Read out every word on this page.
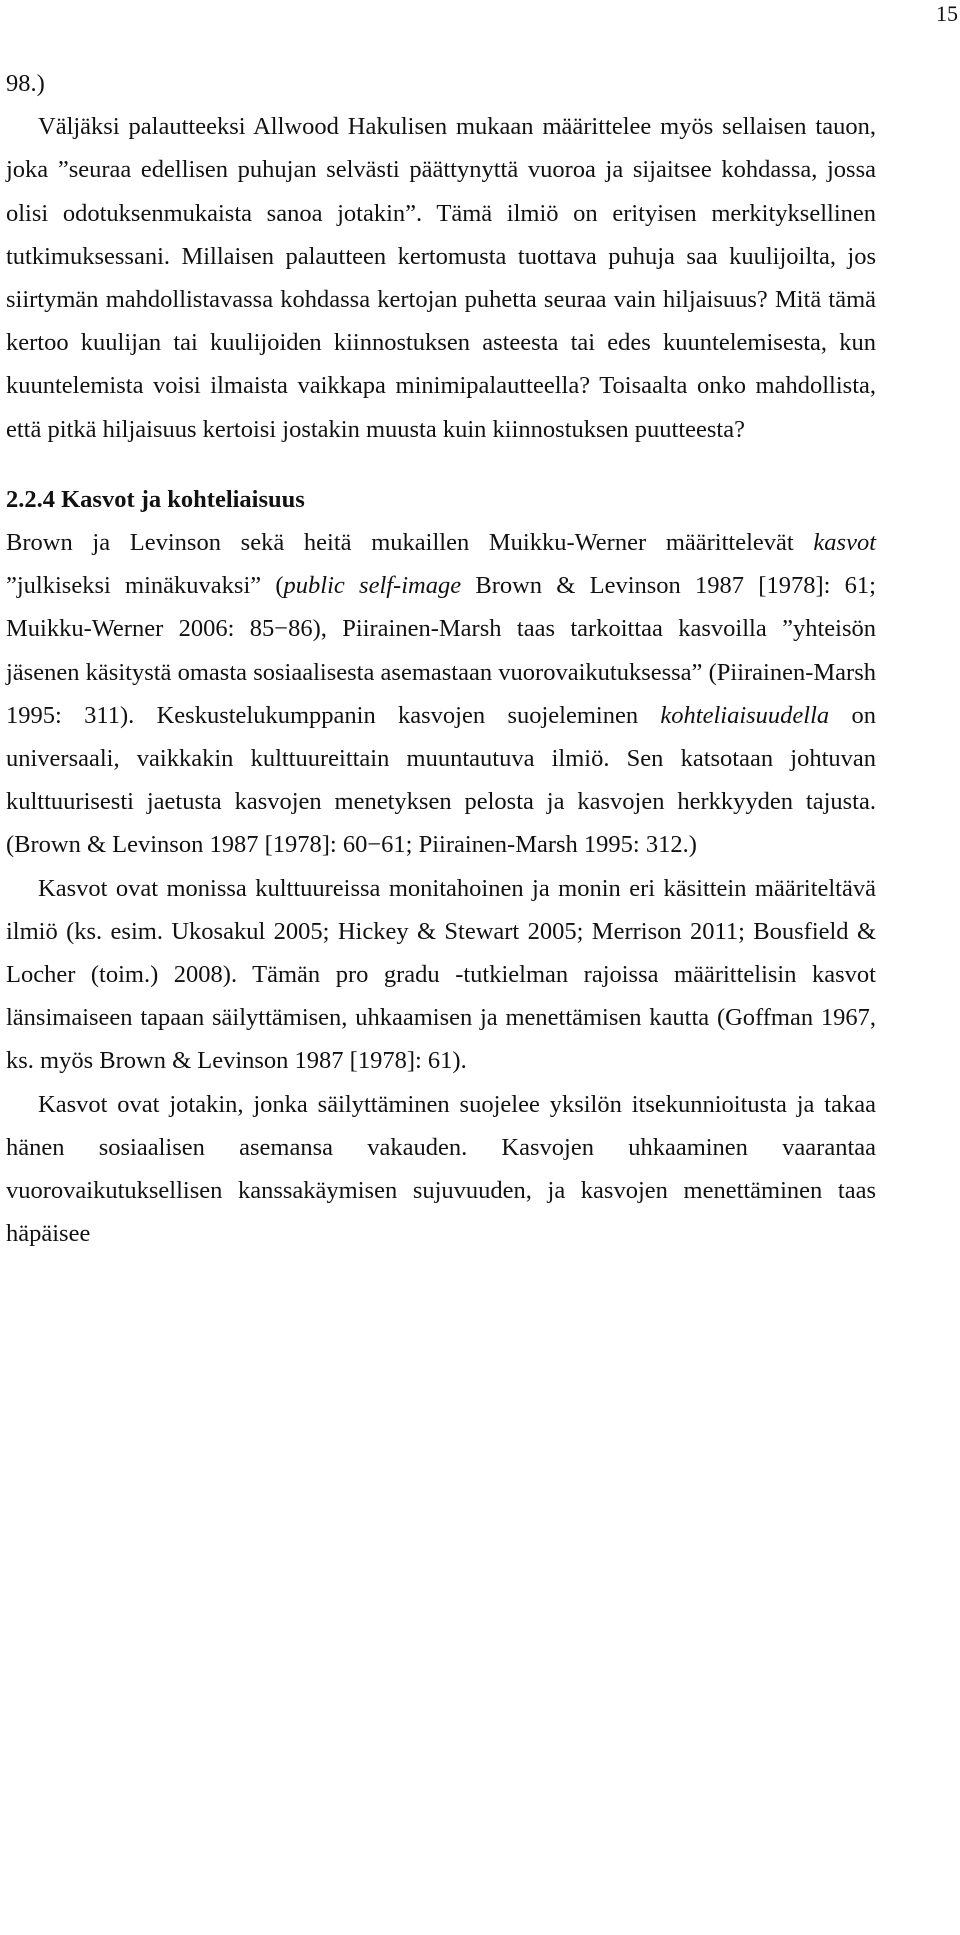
15

98.)

Väljäksi palautteeksi Allwood Hakulisen mukaan määrittelee myös sellaisen tauon, joka ”seuraa edellisen puhujan selvästi päättynyttä vuoroa ja sijaitsee kohdassa, jossa olisi odotuksenmukaista sanoa jotakin”. Tämä ilmiö on erityisen merkityksellinen tutkimuksessani. Millaisen palautteen kertomusta tuottava puhuja saa kuulijoilta, jos siirtymän mahdollistavassa kohdassa kertojan puhetta seuraa vain hiljaisuus? Mitä tämä kertoo kuulijan tai kuulijoiden kiinnostuksen asteesta tai edes kuuntelemisesta, kun kuuntelemista voisi ilmaista vaikkapa minimipalautteella? Toisaalta onko mahdollista, että pitkä hiljaisuus kertoisi jostakin muusta kuin kiinnostuksen puutteesta?

2.2.4 Kasvot ja kohteliaisuus

Brown ja Levinson sekä heitä mukaillen Muikku-Werner määrittelevät kasvot ”julkiseksi minäkuvaksi” (public self-image Brown & Levinson 1987 [1978]: 61; Muikku-Werner 2006: 85−86), Piirainen-Marsh taas tarkoittaa kasvoilla ”yhteisön jäsenen käsitystä omasta sosiaalisesta asemastaan vuorovaikutuksessa” (Piirainen-Marsh 1995: 311). Keskustelukumppanin kasvojen suojeleminen kohteliaisuudella on universaali, vaikkakin kulttuureittain muuntautuva ilmiö. Sen katsotaan johtuvan kulttuurisesti jaetusta kasvojen menetyksen pelosta ja kasvojen herkkyyden tajusta. (Brown & Levinson 1987 [1978]: 60−61; Piirainen-Marsh 1995: 312.)

Kasvot ovat monissa kulttuureissa monitahoinen ja monin eri käsittein määriteltävä ilmiö (ks. esim. Ukosakul 2005; Hickey & Stewart 2005; Merrison 2011; Bousfield & Locher (toim.) 2008). Tämän pro gradu -tutkielman rajoissa määrittelisin kasvot länsimaiseen tapaan säilyttämisen, uhkaamisen ja menettämisen kautta (Goffman 1967, ks. myös Brown & Levinson 1987 [1978]: 61).

Kasvot ovat jotakin, jonka säilyttäminen suojelee yksilön itsekunnioitusta ja takaa hänen sosiaalisen asemansa vakauden. Kasvojen uhkaaminen vaarantaa vuorovaikutuksellisen kanssakäymisen sujuvuuden, ja kasvojen menettäminen taas häpäisee
